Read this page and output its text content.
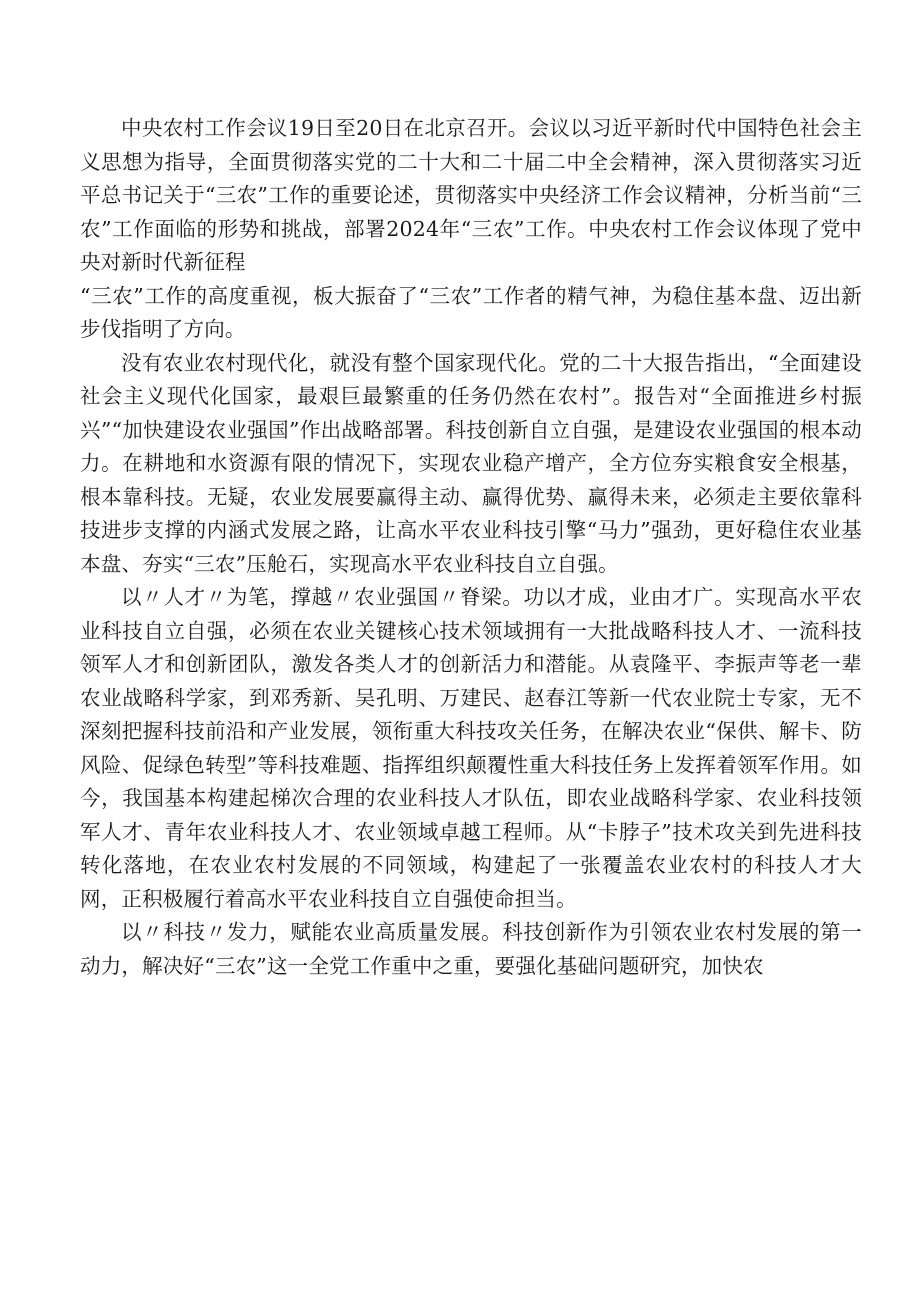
中央农村工作会议19日至20日在北京召开。会议以习近平新时代中国特色社会主义思想为指导，全面贯彻落实党的二十大和二十届二中全会精神，深入贯彻落实习近平总书记关于“三农”工作的重要论述，贯彻落实中央经济工作会议精神，分析当前“三农”工作面临的形势和挑战，部署2024年“三农”工作。中央农村工作会议体现了党中央对新时代新征程

“三农”工作的高度重视，板大振奋了“三农”工作者的精气神，为稳住基本盘、迈出新步伐指明了方向。

没有农业农村现代化，就没有整个国家现代化。党的二十大报告指出，“全面建设社会主义现代化国家，最艰巨最繁重的任务仍然在农村”。报告对“全面推进乡村振兴”“加快建设农业强国”作出战略部署。科技创新自立自强，是建设农业强国的根本动力。在耕地和水资源有限的情况下，实现农业稳产增产，全方位夯实粮食安全根基，根本靠科技。无疑，农业发展要赢得主动、赢得优势、赢得未来，必须走主要依靠科技进步支撑的内涵式发展之路，让高水平农业科技引擎“马力”强劲，更好稳住农业基本盘、夯实“三农”压舱石，实现高水平农业科技自立自强。

以〃人才〃为笔，撑越〃农业强国〃脊梁。功以才成，业由才广。实现高水平农业科技自立自强，必须在农业关键核心技术领域拥有一大批战略科技人才、一流科技领军人才和创新团队，激发各类人才的创新活力和潜能。从袁隆平、李振声等老一辈农业战略科学家，到邓秀新、吴孔明、万建民、赵春江等新一代农业院士专家，无不深刻把握科技前沿和产业发展，领衔重大科技攻关任务，在解决农业“保供、解卡、防风险、促绿色转型”等科技难题、指挥组织颠覆性重大科技任务上发挥着领军作用。如今，我国基本构建起梯次合理的农业科技人才队伍，即农业战略科学家、农业科技领军人才、青年农业科技人才、农业领域卓越工程师。从“卡脖子”技术攻关到先进科技转化落地，在农业农村发展的不同领域，构建起了一张覆盖农业农村的科技人才大网，正积极履行着高水平农业科技自立自强使命担当。

以〃科技〃发力，赋能农业高质量发展。科技创新作为引领农业农村发展的第一动力，解决好“三农”这一全党工作重中之重，要强化基础问题研究，加快农
